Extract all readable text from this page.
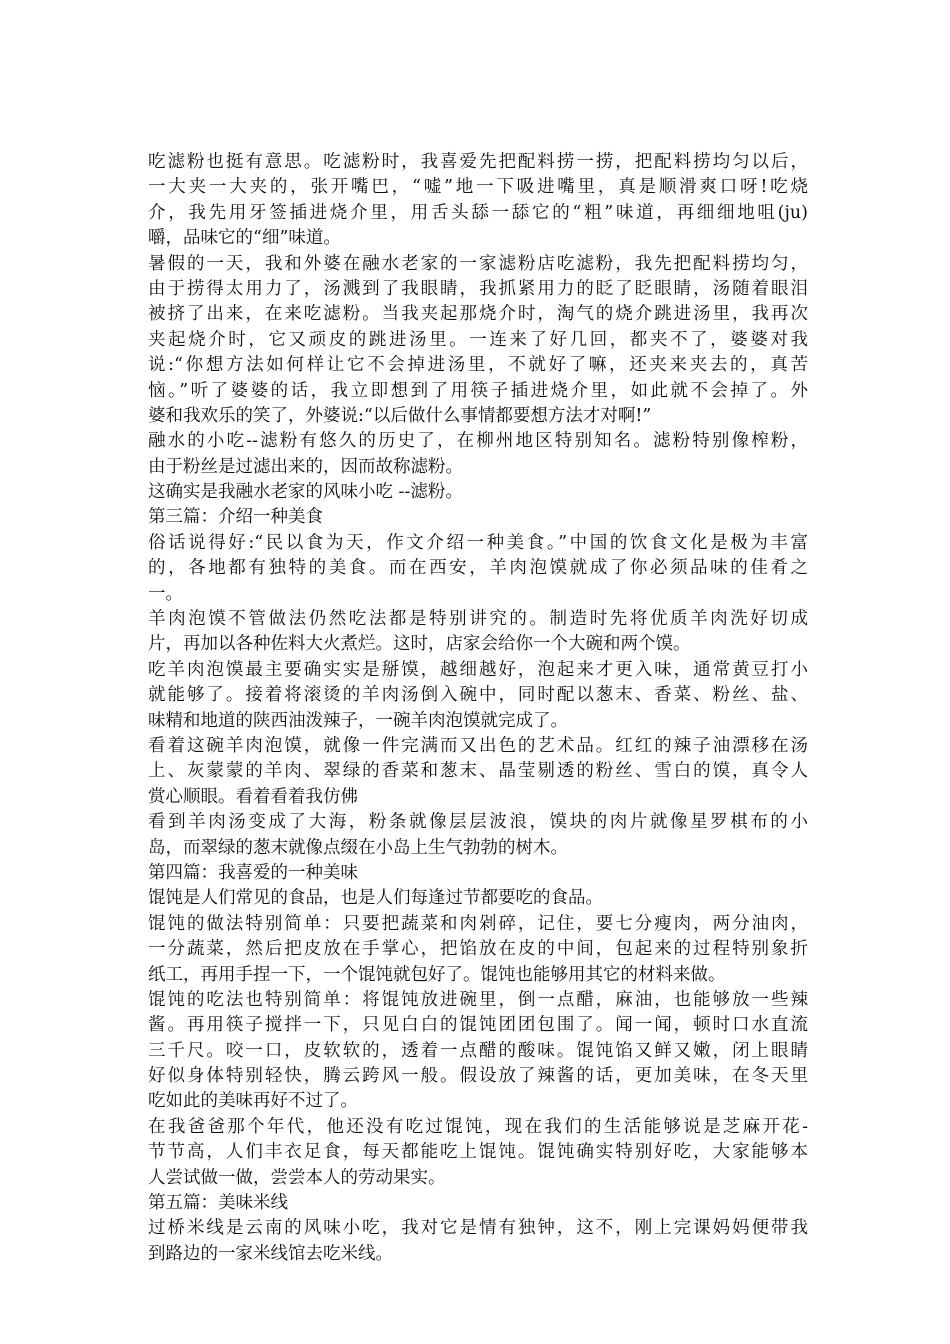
吃滤粉也挺有意思。吃滤粉时，我喜爱先把配料捞一捞，把配料捞均匀以后，
一大夹一大夹的，张开嘴巴，“嘘”地一下吸进嘴里，真是顺滑爽口呀!吃烧
介，我先用牙签插进烧介里，用舌头舔一舔它的“粗”味道，再细细地咀(ju)
嚼，品味它的“细”味道。
暑假的一天，我和外婆在融水老家的一家滤粉店吃滤粉，我先把配料捞均匀，
由于捞得太用力了，汤溅到了我眼睛，我抓紧用力的眨了眨眼睛，汤随着眼泪
被挤了出来，在来吃滤粉。当我夹起那烧介时，淘气的烧介跳进汤里，我再次
夹起烧介时，它又顽皮的跳进汤里。一连来了好几回，都夹不了，婆婆对我
说:“你想方法如何样让它不会掉进汤里，不就好了嘛，还夹来夹去的，真苦
恼。”听了婆婆的话，我立即想到了用筷子插进烧介里，如此就不会掉了。外
婆和我欢乐的笑了，外婆说:“以后做什么事情都要想方法才对啊!”
融水的小吃--滤粉有悠久的历史了，在柳州地区特别知名。滤粉特别像榨粉，
由于粉丝是过滤出来的，因而故称滤粉。
这确实是我融水老家的风味小吃 --滤粉。
第三篇：介绍一种美食
俗话说得好:“民以食为天，作文介绍一种美食。”中国的饮食文化是极为丰富
的，各地都有独特的美食。而在西安，羊肉泡馍就成了你必须品味的佳肴之
一。
羊肉泡馍不管做法仍然吃法都是特别讲究的。制造时先将优质羊肉洗好切成
片，再加以各种佐料大火煮烂。这时，店家会给你一个大碗和两个馍。
吃羊肉泡馍最主要确实实是掰馍，越细越好，泡起来才更入味，通常黄豆打小
就能够了。接着将滚烫的羊肉汤倒入碗中，同时配以葱末、香菜、粉丝、盐、
味精和地道的陕西油泼辣子，一碗羊肉泡馍就完成了。
看着这碗羊肉泡馍，就像一件完满而又出色的艺术品。红红的辣子油漂移在汤
上、灰蒙蒙的羊肉、翠绿的香菜和葱末、晶莹剔透的粉丝、雪白的馍，真令人
赏心顺眼。看着看着我仿佛
看到羊肉汤变成了大海，粉条就像层层波浪，馍块的肉片就像星罗棋布的小
岛，而翠绿的葱末就像点缀在小岛上生气勃勃的树木。
第四篇：我喜爱的一种美味
馄饨是人们常见的食品，也是人们每逢过节都要吃的食品。
馄饨的做法特别简单：只要把蔬菜和肉剁碎，记住，要七分瘦肉，两分油肉，
一分蔬菜，然后把皮放在手掌心，把馅放在皮的中间，包起来的过程特别象折
纸工，再用手捏一下，一个馄饨就包好了。馄饨也能够用其它的材料来做。
馄饨的吃法也特别简单：将馄饨放进碗里，倒一点醋，麻油，也能够放一些辣
酱。再用筷子搅拌一下，只见白白的馄饨团团包围了。闻一闻，顿时口水直流
三千尺。咬一口，皮软软的，透着一点醋的酸味。馄饨馅又鲜又嫩，闭上眼睛
好似身体特别轻快，腾云跨风一般。假设放了辣酱的话，更加美味，在冬天里
吃如此的美味再好不过了。
在我爸爸那个年代，他还没有吃过馄饨，现在我们的生活能够说是芝麻开花-
节节高，人们丰衣足食，每天都能吃上馄饨。馄饨确实特别好吃，大家能够本
人尝试做一做，尝尝本人的劳动果实。
第五篇：美味米线
过桥米线是云南的风味小吃，我对它是情有独钟，这不，刚上完课妈妈便带我
到路边的一家米线馆去吃米线。
